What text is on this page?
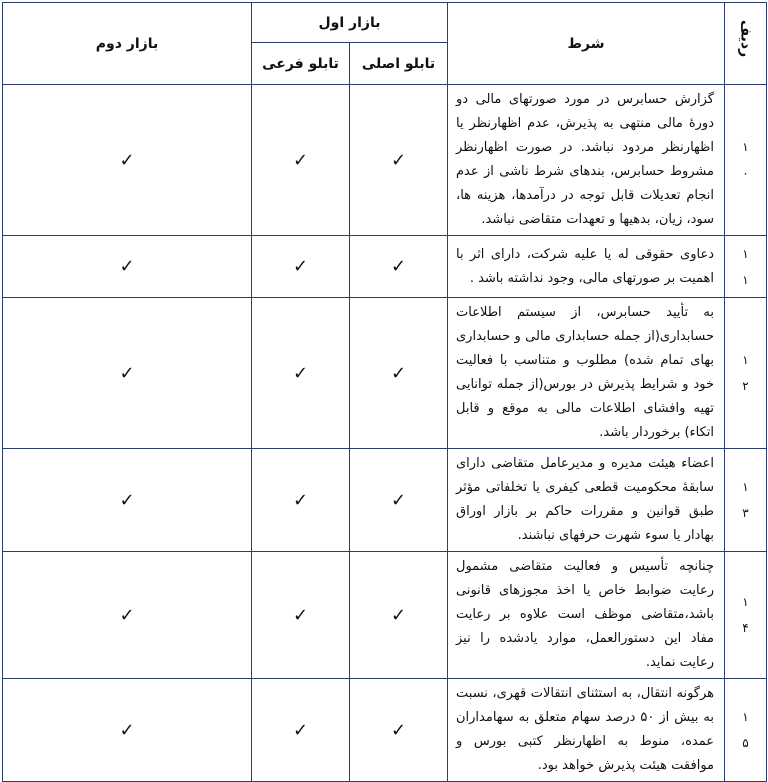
ردیف	شرط	بازار اول		بازار دوم
		تابلو اصلی	تابلو فرعی	

۱
۰	گزارش حسابرس در مورد صورتهای مالی دو دورهٔ مالی منتهی به پذیرش، عدم اظهارنظر یا اظهارنظر مردود نباشد. در صورت اظهارنظر مشروط حسابرس، بندهای شرط ناشی از عدم انجام تعدیلات قابل توجه در درآمدها، هزینه ها، سود، زیان، بدهیها و تعهدات متقاضی نباشد.	✓	✓	✓

۱
۱	دعاوی حقوقی له یا علیه شرکت، دارای اثر با اهمیت بر صورتهای مالی، وجود نداشته باشد .	✓	✓	✓

۱
۲	به تأیید حسابرس، از سیستم اطلاعات حسابداری(از جمله حسابداری مالی و حسابداری بهای تمام شده) مطلوب و متناسب با فعالیت خود و شرایط پذیرش در بورس(از جمله توانایی تهیه وافشای اطلاعات مالی به موقع و قابل اتکاء) برخوردار باشد.	✓	✓	✓

۱
۳	اعضاء هیئت مدیره و مدیرعامل متقاضی دارای سابقهٔ محکومیت قطعی کیفری یا تخلفاتی مؤثر طبق قوانین و مقررات حاکم بر بازار اوراق بهادار یا سوء شهرت حرفهای نباشند.	✓	✓	✓

۱
۴	چنانچه تأسیس و فعالیت متقاضی مشمول رعایت ضوابط خاص یا اخذ مجوزهای قانونی باشد،متقاضی موظف است علاوه بر رعایت مفاد این دستورالعمل، موارد یادشده را نیز رعایت نماید.	✓	✓	✓

۱
۵	هرگونه انتقال، به استثنای انتقالات قهری، نسبت به بیش از ۵۰ درصد سهام متعلق به سهامداران عمده، منوط به اظهارنظر کتبی بورس و موافقت هیئت پذیرش خواهد بود.	✓	✓	✓
